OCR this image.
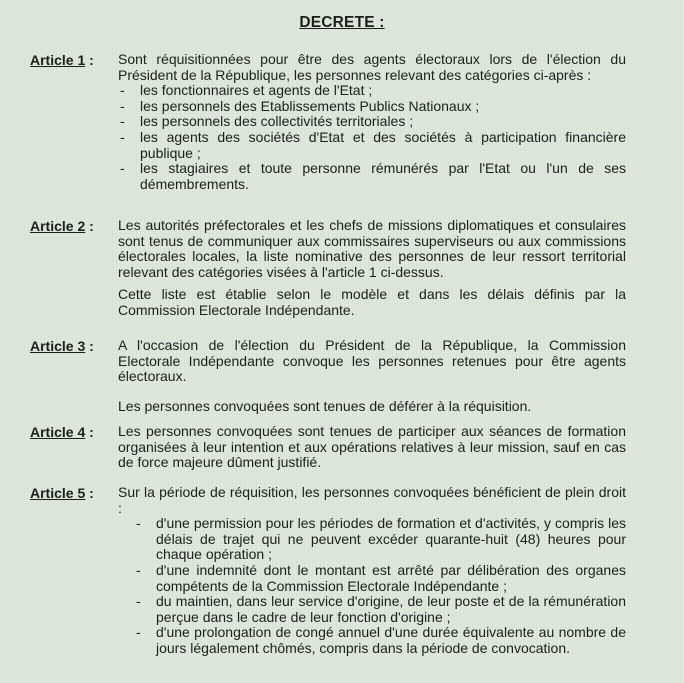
DECRETE :
Article 1 : Sont réquisitionnées pour être des agents électoraux lors de l'élection du Président de la République, les personnes relevant des catégories ci-après :

- les fonctionnaires et agents de l'Etat ;
- les personnels des Etablissements Publics Nationaux ;
- les personnels des collectivités territoriales ;
- les agents des sociétés d'Etat et des sociétés à participation financière publique ;
- les stagiaires et toute personne rémunérés par l'Etat ou l'un de ses démembrements.
Article 2 : Les autorités préfectorales et les chefs de missions diplomatiques et consulaires sont tenus de communiquer aux commissaires superviseurs ou aux commissions électorales locales, la liste nominative des personnes de leur ressort territorial relevant des catégories visées à l'article 1 ci-dessus.

Cette liste est établie selon le modèle et dans les délais définis par la Commission Electorale Indépendante.

Article 3 : A l'occasion de l'élection du Président de la République, la Commission Electorale Indépendante convoque les personnes retenues pour être agents électoraux.

Les personnes convoquées sont tenues de déférer à la réquisition.

Article 4 : Les personnes convoquées sont tenues de participer aux séances de formation organisées à leur intention et aux opérations relatives à leur mission, sauf en cas de force majeure dûment justifié.

Article 5 : Sur la période de réquisition, les personnes convoquées bénéficient de plein droit :

- d'une permission pour les périodes de formation et d'activités, y compris les délais de trajet qui ne peuvent excéder quarante-huit (48) heures pour chaque opération ;
- d'une indemnité dont le montant est arrêté par délibération des organes compétents de la Commission Electorale Indépendante ;
- du maintien, dans leur service d'origine, de leur poste et de la rémunération perçue dans le cadre de leur fonction d'origine ;
- d'une prolongation de congé annuel d'une durée équivalente au nombre de jours légalement chômés, compris dans la période de convocation.
